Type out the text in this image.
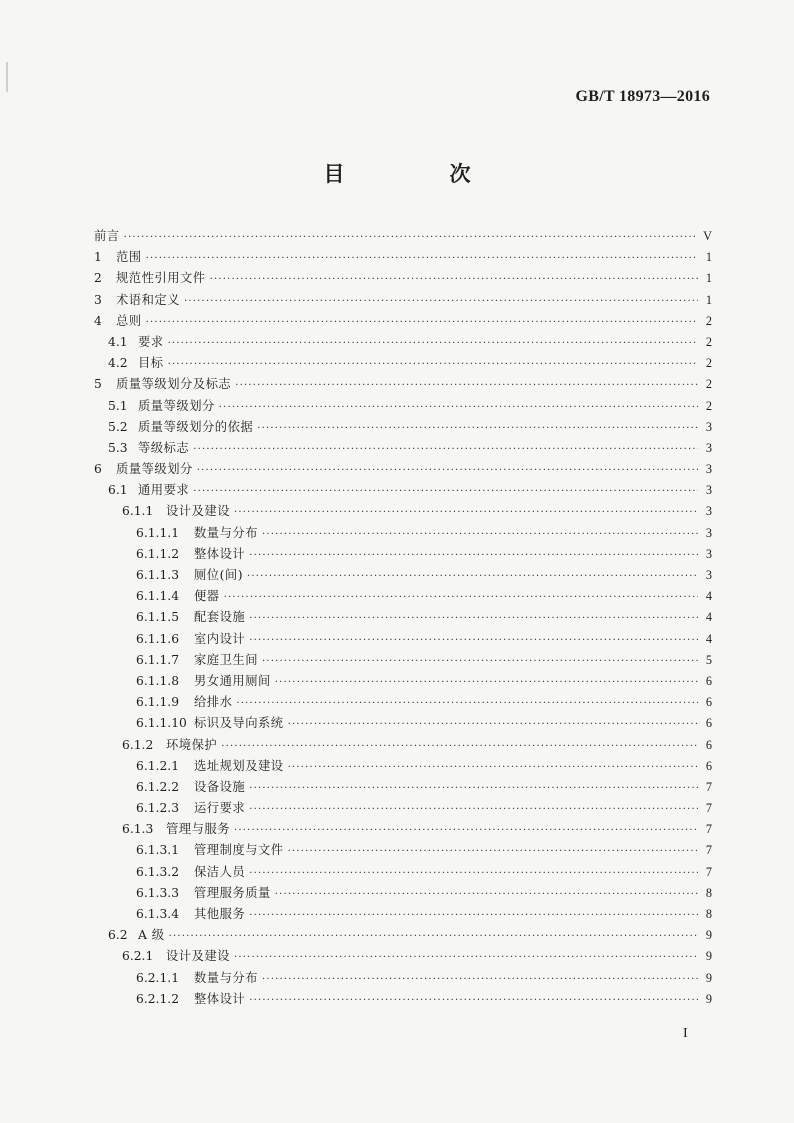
GB/T 18973—2016
目　次
前言 ·····	V
1	范围 ·····	1
2	规范性引用文件 ·····	1
3	术语和定义 ·····	1
4	总则 ·····	2
4.1 要求 ·····	2
4.2 目标 ·····	2
5	质量等级划分及标志 ·····	2
5.1 质量等级划分 ·····	2
5.2 质量等级划分的依据 ·····	3
5.3 等级标志 ·····	3
6	质量等级划分 ·····	3
6.1 通用要求 ·····	3
6.1.1	设计及建设 ·····	3
6.1.1.1	数量与分布 ·····	3
6.1.1.2	整体设计 ·····	3
6.1.1.3	厕位(间) ·····	3
6.1.1.4	便器 ·····	4
6.1.1.5	配套设施 ·····	4
6.1.1.6	室内设计 ·····	4
6.1.1.7	家庭卫生间 ·····	5
6.1.1.8	男女通用厕间 ·····	6
6.1.1.9	给排水 ·····	6
6.1.1.10 标识及导向系统 ·····	6
6.1.2	环境保护 ·····	6
6.1.2.1	选址规划及建设 ·····	6
6.1.2.2	设备设施 ·····	7
6.1.2.3	运行要求 ·····	7
6.1.3	管理与服务 ·····	7
6.1.3.1	管理制度与文件 ·····	7
6.1.3.2	保洁人员 ·····	7
6.1.3.3	管理服务质量 ·····	8
6.1.3.4	其他服务 ·····	8
6.2 A 级 ·····	9
6.2.1	设计及建设 ·····	9
6.2.1.1	数量与分布 ·····	9
6.2.1.2	整体设计 ·····	9
I
